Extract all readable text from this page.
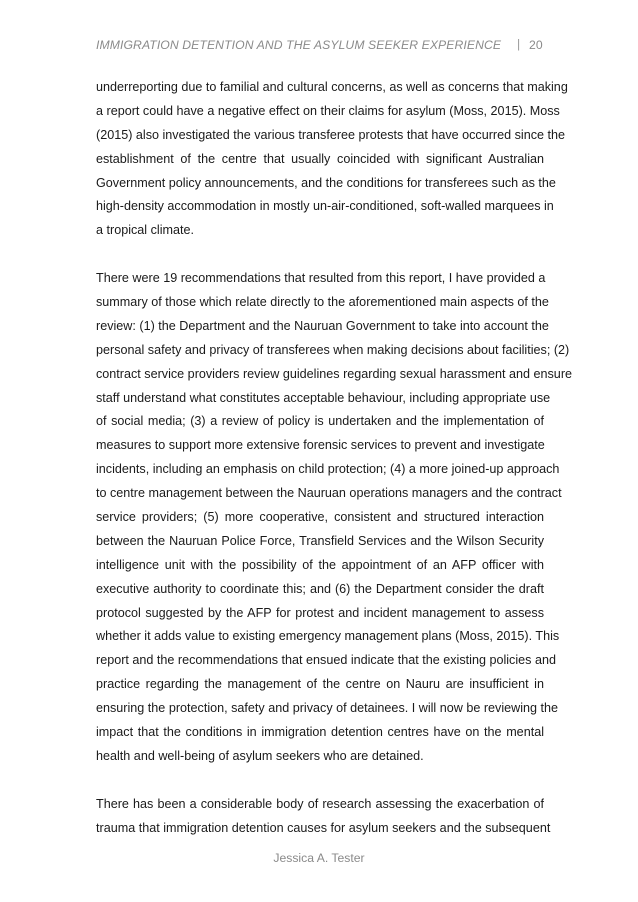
IMMIGRATION DETENTION AND THE ASYLUM SEEKER EXPERIENCE | 20

underreporting due to familial and cultural concerns, as well as concerns that making
a report could have a negative effect on their claims for asylum (Moss, 2015). Moss
(2015) also investigated the various transferee protests that have occurred since the
establishment of the centre that usually coincided with significant Australian
Government policy announcements, and the conditions for transferees such as the
high-density accommodation in mostly un-air-conditioned, soft-walled marquees in
a tropical climate.

There were 19 recommendations that resulted from this report, I have provided a
summary of those which relate directly to the aforementioned main aspects of the
review: (1) the Department and the Nauruan Government to take into account the
personal safety and privacy of transferees when making decisions about facilities; (2)
contract service providers review guidelines regarding sexual harassment and ensure
staff understand what constitutes acceptable behaviour, including appropriate use
of social media; (3) a review of policy is undertaken and the implementation of
measures to support more extensive forensic services to prevent and investigate
incidents, including an emphasis on child protection; (4) a more joined-up approach
to centre management between the Nauruan operations managers and the contract
service providers; (5) more cooperative, consistent and structured interaction
between the Nauruan Police Force, Transfield Services and the Wilson Security
intelligence unit with the possibility of the appointment of an AFP officer with
executive authority to coordinate this; and (6) the Department consider the draft
protocol suggested by the AFP for protest and incident management to assess
whether it adds value to existing emergency management plans (Moss, 2015). This
report and the recommendations that ensued indicate that the existing policies and
practice regarding the management of the centre on Nauru are insufficient in
ensuring the protection, safety and privacy of detainees. I will now be reviewing the
impact that the conditions in immigration detention centres have on the mental
health and well-being of asylum seekers who are detained.

There has been a considerable body of research assessing the exacerbation of
trauma that immigration detention causes for asylum seekers and the subsequent

Jessica A. Tester
